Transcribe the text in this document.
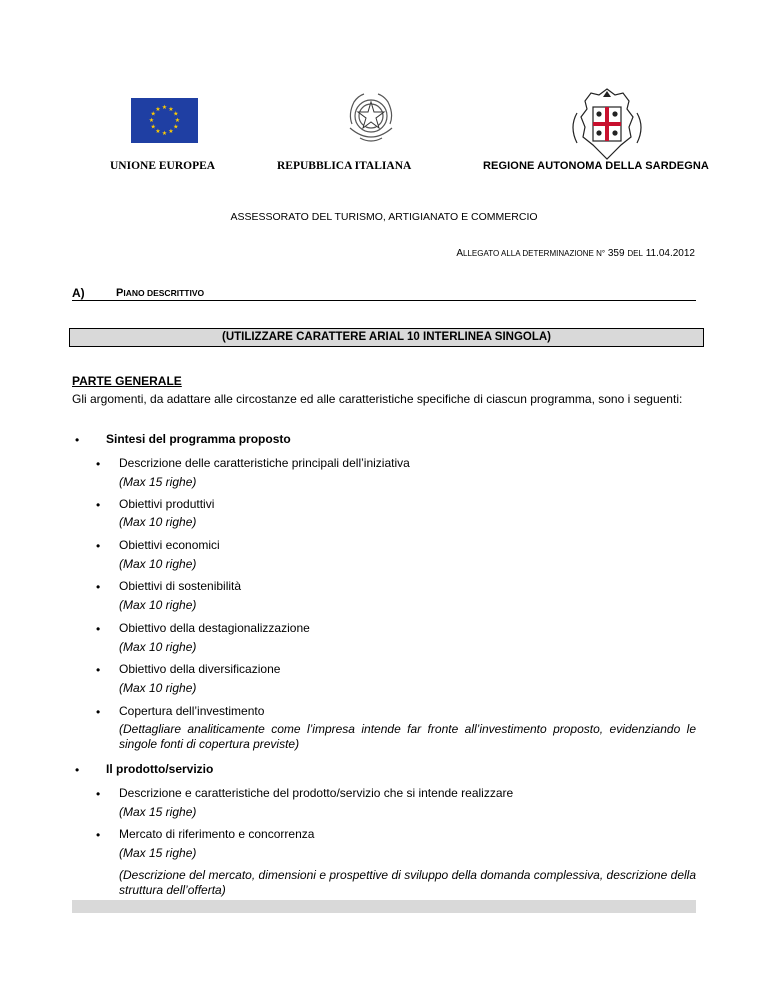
★ ★
★
★
★
★
★
★
★
★
★
★
UNIONE EUROPEA	REPUBBLICA ITALIANA	REGIONE AUTONOMA DELLA SARDEGNA
ASSESSORATO DEL TURISMO, ARTIGIANATO E COMMERCIO
ALLEGATO ALLA DETERMINAZIONE N° 359 DEL 11.04.2012
A)	PIANO DESCRITTIVO
(UTILIZZARE CARATTERE ARIAL 10 INTERLINEA SINGOLA)
PARTE GENERALE
Gli argomenti, da adattare alle circostanze ed alle caratteristiche specifiche di ciascun programma, sono i seguenti:
• Sintesi del programma proposto
• Descrizione delle caratteristiche principali dell’iniziativa
(Max 15 righe)
• Obiettivi produttivi
(Max 10 righe)
• Obiettivi economici
(Max 10 righe)
• Obiettivi di sostenibilità
(Max 10 righe)
• Obiettivo della destagionalizzazione
(Max 10 righe)
• Obiettivo della diversificazione
(Max 10 righe)
• Copertura dell’investimento
(Dettagliare analiticamente come l’impresa intende far fronte all’investimento proposto, evidenziando le singole fonti di copertura previste)
• Il prodotto/servizio
• Descrizione e caratteristiche del prodotto/servizio che si intende realizzare
(Max 15 righe)
• Mercato di riferimento e concorrenza
(Max 15 righe)
(Descrizione del mercato, dimensioni e prospettive di sviluppo della domanda complessiva, descrizione della struttura dell’offerta)
